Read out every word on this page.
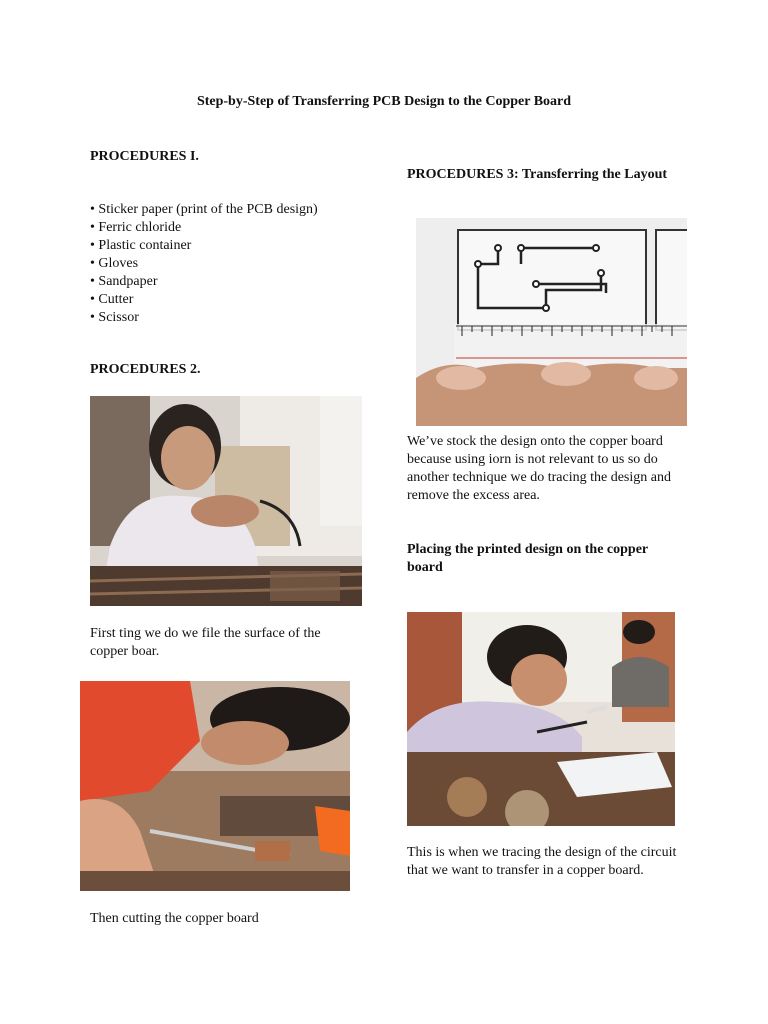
Step-by-Step of Transferring PCB Design to the Copper Board
PROCEDURES I.
• Sticker paper (print of the PCB design)
• Ferric chloride
• Plastic container
• Gloves
• Sandpaper
• Cutter
• Scissor
PROCEDURES 2.
First ting we do we file the surface of the copper boar.
Then cutting the copper board
PROCEDURES 3: Transferring the Layout
We’ve stock the design onto the copper board because using iorn is not relevant to us so do another technique we do tracing the design and remove the excess area.
Placing the printed design on the copper board
This is when we tracing the design of the circuit that we want to transfer in a copper board.
